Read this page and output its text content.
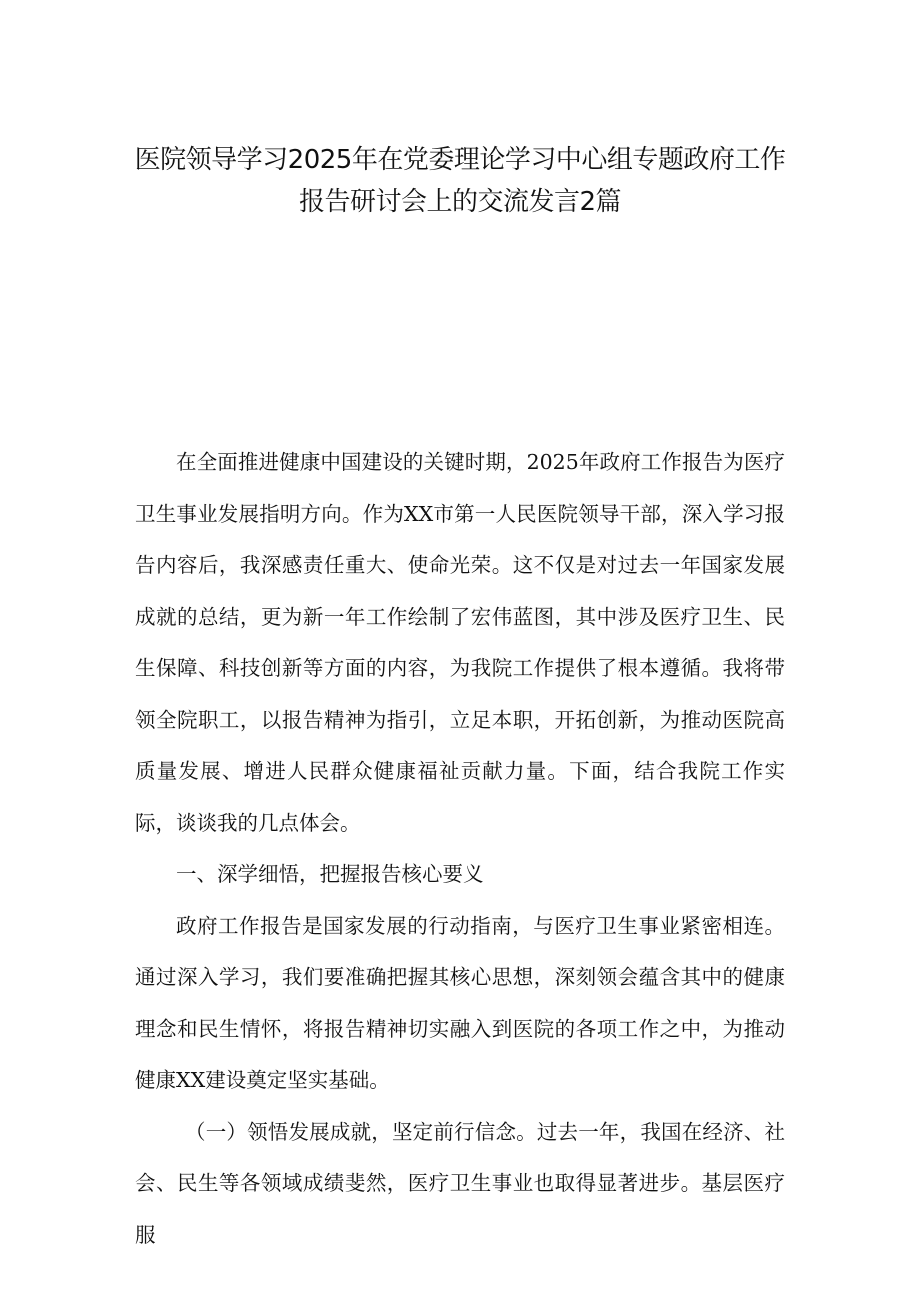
医院领导学习2025年在党委理论学习中心组专题政府工作
报告研讨会上的交流发言2篇

在全面推进健康中国建设的关键时期，2025年政府工作报告为医疗卫生事业发展指明方向。作为XX市第一人民医院领导干部，深入学习报告内容后，我深感责任重大、使命光荣。这不仅是对过去一年国家发展成就的总结，更为新一年工作绘制了宏伟蓝图，其中涉及医疗卫生、民生保障、科技创新等方面的内容，为我院工作提供了根本遵循。我将带领全院职工，以报告精神为指引，立足本职，开拓创新，为推动医院高质量发展、增进人民群众健康福祉贡献力量。下面，结合我院工作实际，谈谈我的几点体会。

一、深学细悟，把握报告核心要义

政府工作报告是国家发展的行动指南，与医疗卫生事业紧密相连。通过深入学习，我们要准确把握其核心思想，深刻领会蕴含其中的健康理念和民生情怀，将报告精神切实融入到医院的各项工作之中，为推动健康XX建设奠定坚实基础。

（一）领悟发展成就，坚定前行信念。过去一年，我国在经济、社会、民生等各领域成绩斐然，医疗卫生事业也取得显著进步。基层医疗服
